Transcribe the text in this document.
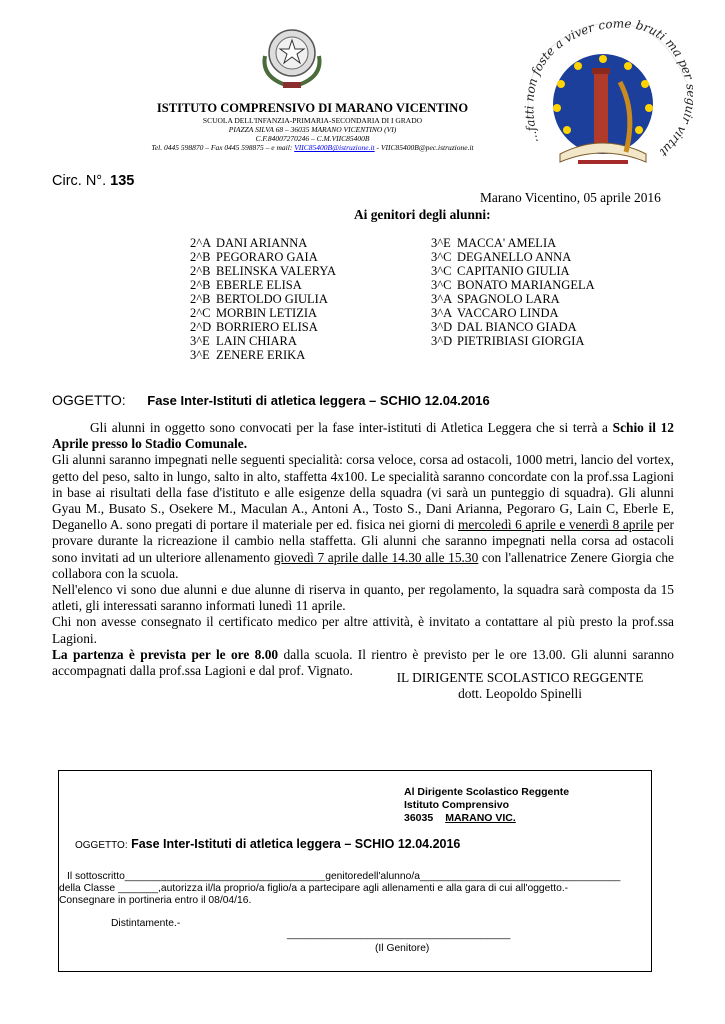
...fatti non foste a viver come bruti ma pe r virtut
ISTITUTO COMPRENSIVO DI MARANO VICENTINO
SCUOLA DELL'INFANZIA-PRIMARIA-SECONDARIA DI I GRADO
PIAZZA SILVA 68 – 36035 MARANO VICENTINO (VI)
C.F.84007270246 – C.M.VIIC85400B
Tel. 0445 598870 – Fax 0445 598875 – e mail: VIIC85400B@istruzione.it - VIIC85400B@pec.istruzione.it
Circ. N°. 135
Marano Vicentino, 05 aprile 2016
Ai genitori degli alunni:
2^A DANI ARIANNA
2^B PEGORARO GAIA
2^B BELINSKA VALERYA
2^B EBERLE ELISA
2^B BERTOLDO GIULIA
2^C MORBIN LETIZIA
2^D BORRIERO ELISA
3^E LAIN CHIARA
3^E ZENERE ERIKA
3^E MACCA' AMELIA
3^C DEGANELLO ANNA
3^C CAPITANIO GIULIA
3^C BONATO MARIANGELA
3^A SPAGNOLO LARA
3^A VACCARO LINDA
3^D DAL BIANCO GIADA
3^D PIETRIBIASI GIORGIA
OGGETTO: Fase Inter-Istituti di atletica leggera – SCHIO 12.04.2016

Gli alunni in oggetto sono convocati per la fase inter-istituti di Atletica Leggera che si terrà a Schio il 12 Aprile presso lo Stadio Comunale.

Gli alunni saranno impegnati nelle seguenti specialità: corsa veloce, corsa ad ostacoli, 1000 metri, lancio del vortex, getto del peso, salto in lungo, salto in alto, staffetta 4x100. Le specialità saranno concordate con la prof.ssa Lagioni in base ai risultati della fase d'istituto e alle esigenze della squadra (vi sarà un punteggio di squadra). Gli alunni Gyau M., Busato S., Osekere M., Maculan A., Antoni A., Tosto S., Dani Arianna, Pegoraro G, Lain C, Eberle E, Deganello A. sono pregati di portare il materiale per ed. fisica nei giorni di mercoledì 6 aprile e venerdì 8 aprile per provare durante la ricreazione il cambio nella staffetta. Gli alunni che saranno impegnati nella corsa ad ostacoli sono invitati ad un ulteriore allenamento giovedì 7 aprile dalle 14.30 alle 15.30 con l'allenatrice Zenere Giorgia che collabora con la scuola.

Nell'elenco vi sono due alunni e due alunne di riserva in quanto, per regolamento, la squadra sarà composta da 15 atleti, gli interessati saranno informati lunedì 11 aprile.

Chi non avesse consegnato il certificato medico per altre attività, è invitato a contattare al più presto la prof.ssa Lagioni.

La partenza è prevista per le ore 8.00 dalla scuola. Il rientro è previsto per le ore 13.00. Gli alunni saranno accompagnati dalla prof.ssa Lagioni e dal prof. Vignato.	IL DIRIGENTE SCOLASTICO REGGENTE
dott. Leopoldo Spinelli
Al Dirigente Scolastico Reggente
Istituto Comprensivo
36035 MARANO VIC.
OGGETTO: Fase Inter-Istituti di atletica leggera – SCHIO 12.04.2016
Il sottoscritto___________________________________genitoredell'alunno/a___________________________________
della Classe _______,autorizza il/la proprio/a figlio/a a partecipare agli allenamenti e alla gara di cui all'oggetto.-
Consegnare in portineria entro il 08/04/16.
Distintamente.-
_______________________________________
(Il Genitore)
